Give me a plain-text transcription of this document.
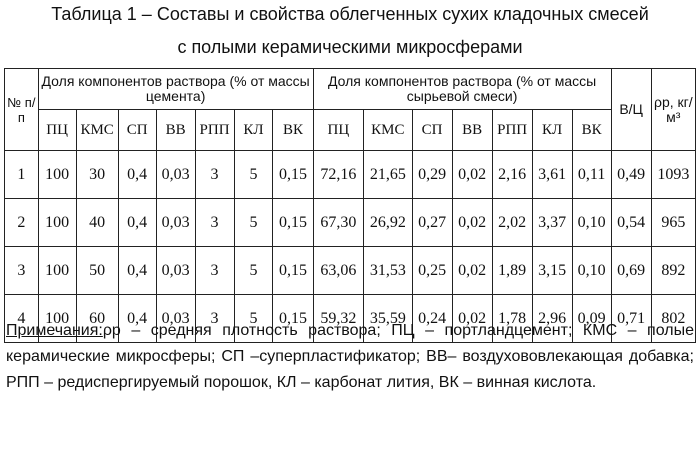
Таблица 1 – Составы и свойства облегченных сухих кладочных смесей
с полыми керамическими микросферами
№ п/п	Доля компонентов раствора (% от массы цемента)							Доля компонентов раствора (% от массы сырьевой смеси)							В/Ц	ρр, кг/м³
	ПЦ	КМС	СП	ВВ	РПП	КЛ	ВК	ПЦ	КМС	СП	ВВ	РПП	КЛ	ВК		
1	100	30	0,4	0,03	3	5	0,15	72,16	21,65	0,29	0,02	2,16	3,61	0,11	0,49	1093
2	100	40	0,4	0,03	3	5	0,15	67,30	26,92	0,27	0,02	2,02	3,37	0,10	0,54	965
3	100	50	0,4	0,03	3	5	0,15	63,06	31,53	0,25	0,02	1,89	3,15	0,10	0,69	892
4	100	60	0,4	0,03	3	5	0,15	59,32	35,59	0,24	0,02	1,78	2,96	0,09	0,71	802
Примечания:ρр – средняя плотность раствора; ПЦ – портландцемент; КМС – полые керамические микросферы; СП –суперпластификатор; ВВ– воздухововлекающая добавка; РПП – редиспергируемый порошок, КЛ – карбонат лития, ВК – винная кислота.
